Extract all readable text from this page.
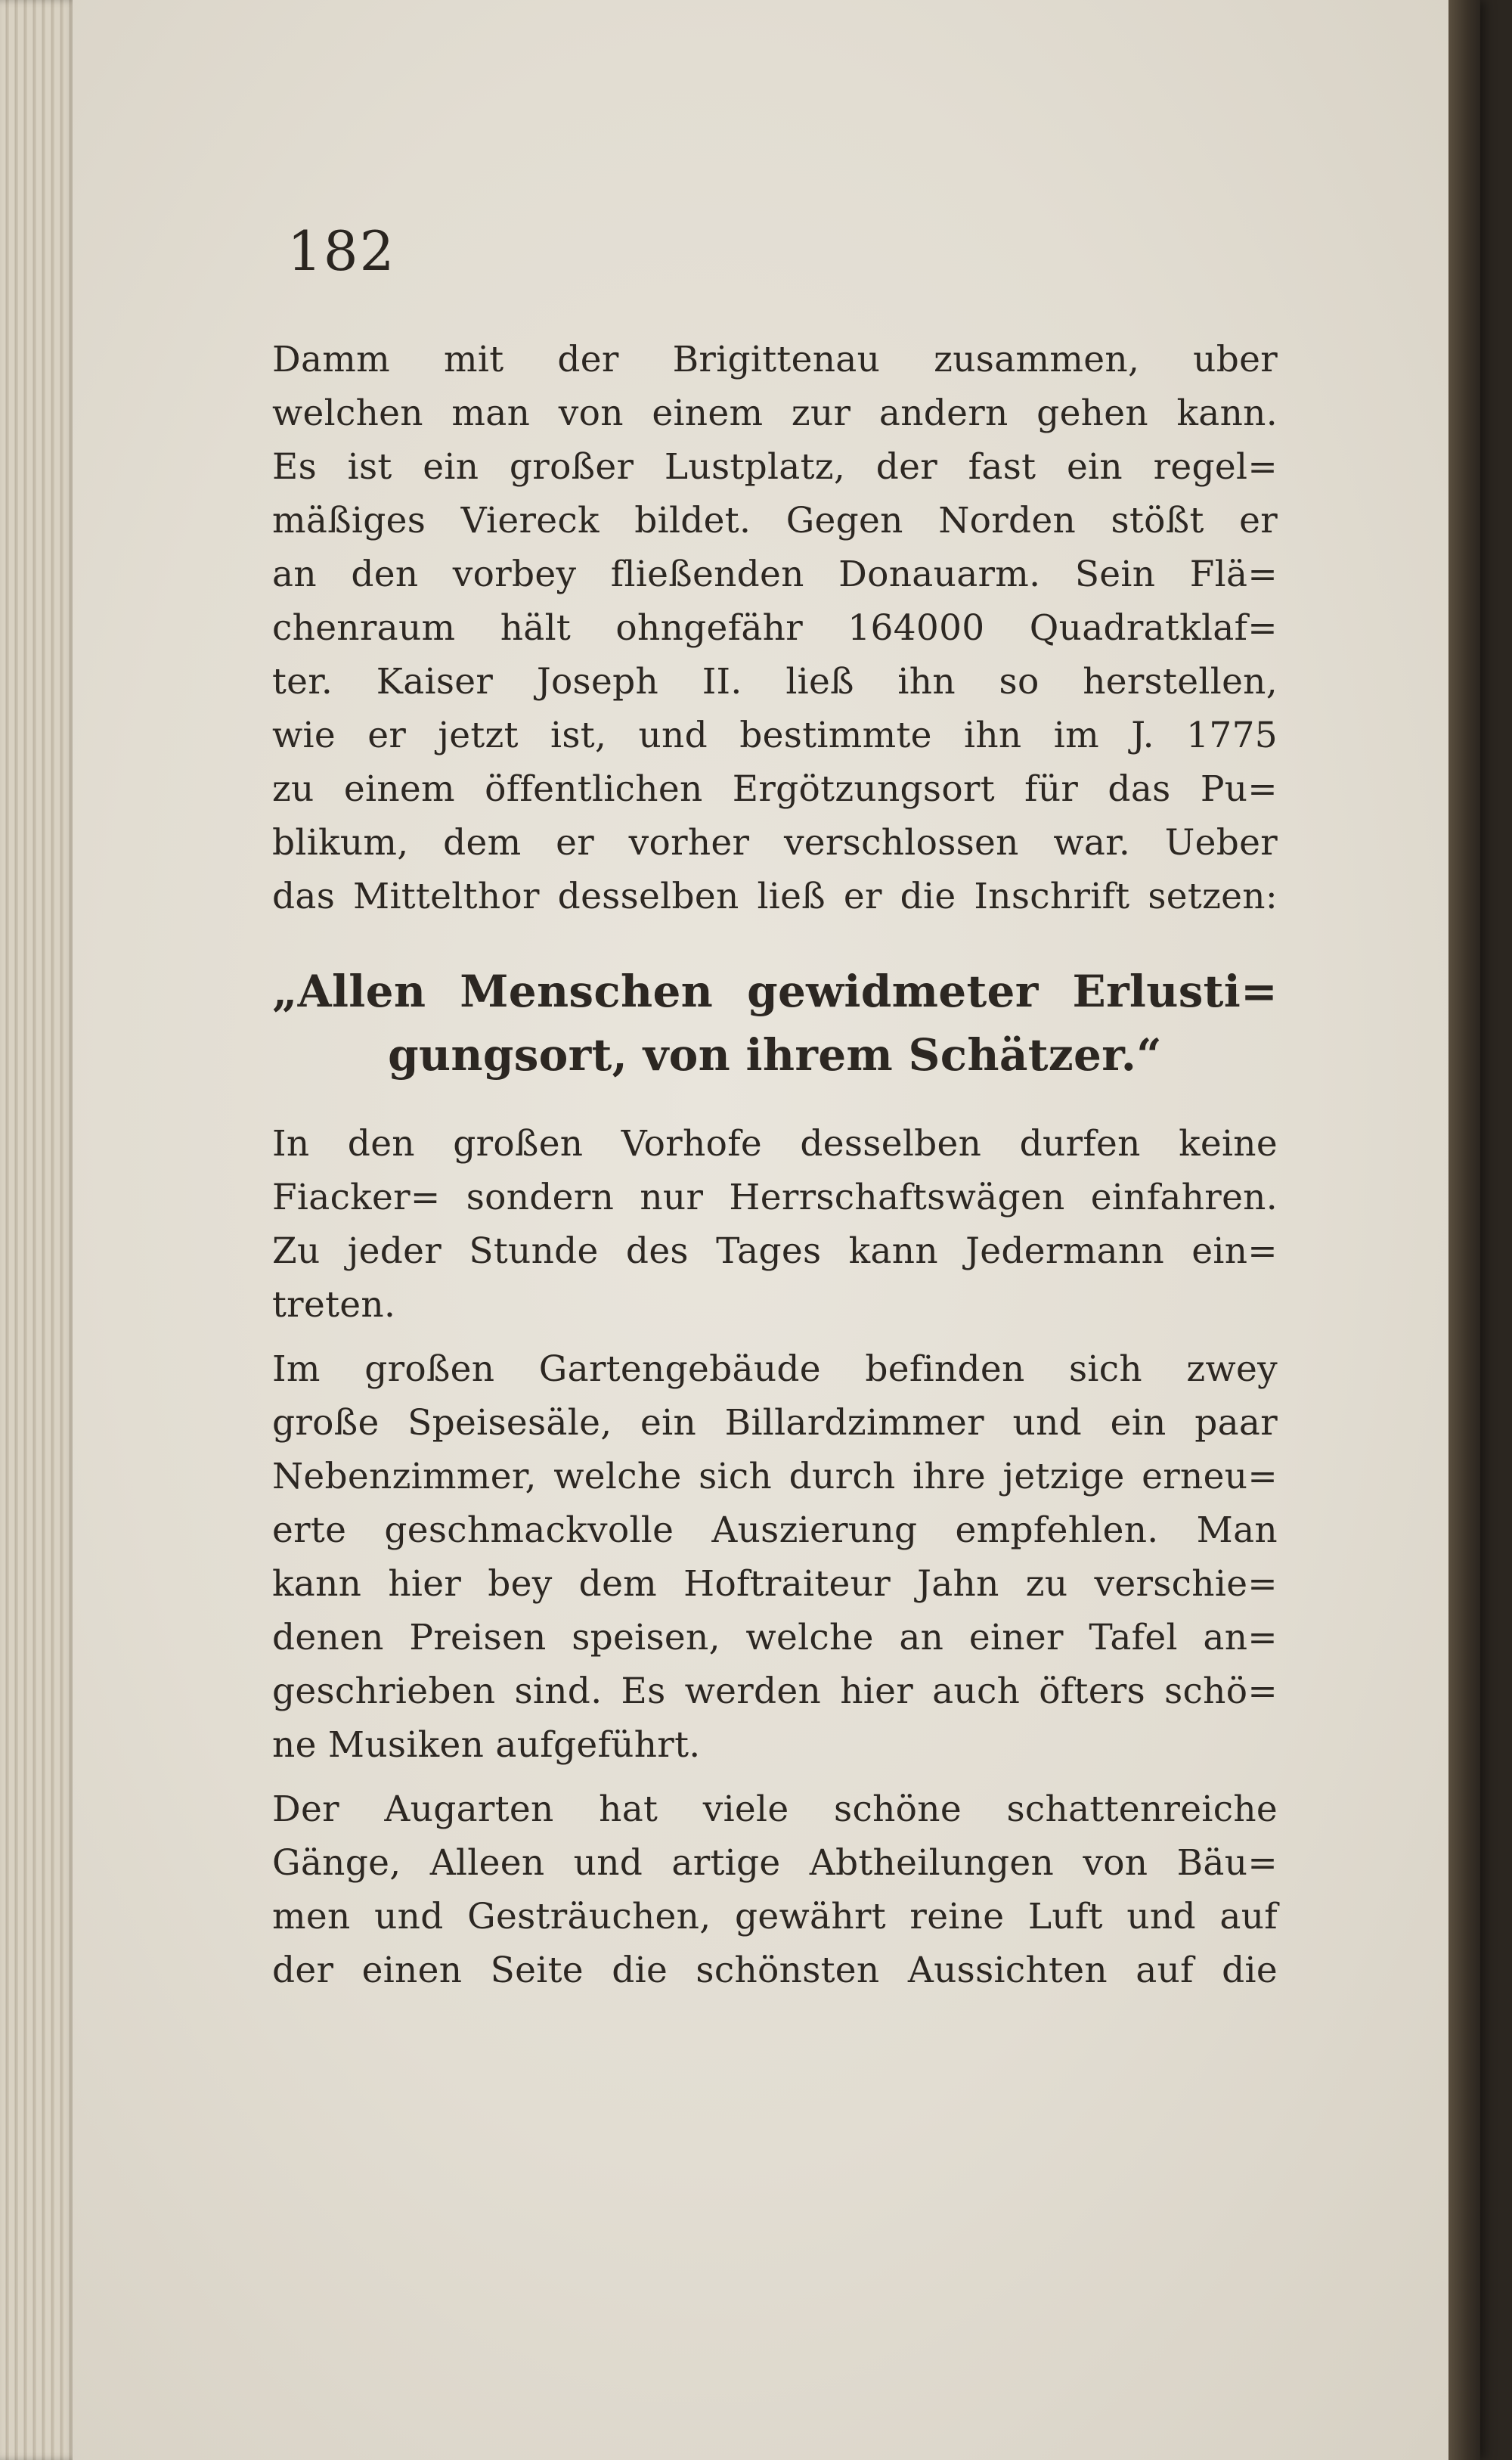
182
Damm mit der Brigittenau zusammen, uber
welchen man von einem zur andern gehen kann.
Es ist ein großer Lustplatz, der fast ein regel=
mäßiges Viereck bildet. Gegen Norden stößt er
an den vorbey fließenden Donauarm. Sein Flä=
chenraum hält ohngefähr 164000 Quadratklaf=
ter. Kaiser Joseph II. ließ ihn so herstellen,
wie er jetzt ist, und bestimmte ihn im J. 1775
zu einem öffentlichen Ergötzungsort für das Pu=
blikum, dem er vorher verschlossen war. Ueber
das Mittelthor desselben ließ er die Inschrift setzen:
„Allen Menschen gewidmeter Erlusti=
gungsort, von ihrem Schätzer.“
In den großen Vorhofe desselben durfen keine
Fiacker= sondern nur Herrschaftswägen einfahren.
Zu jeder Stunde des Tages kann Jedermann ein=
treten.
Im großen Gartengebäude befinden sich zwey
große Speisesäle, ein Billardzimmer und ein paar
Nebenzimmer, welche sich durch ihre jetzige erneu=
erte geschmackvolle Auszierung empfehlen. Man
kann hier bey dem Hoftraiteur Jahn zu verschie=
denen Preisen speisen, welche an einer Tafel an=
geschrieben sind. Es werden hier auch öfters schö=
ne Musiken aufgeführt.
Der Augarten hat viele schöne schattenreiche
Gänge, Alleen und artige Abtheilungen von Bäu=
men und Gesträuchen, gewährt reine Luft und auf
der einen Seite die schönsten Aussichten auf die
